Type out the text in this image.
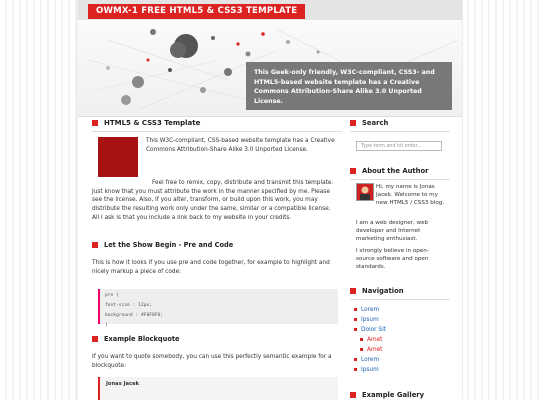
OWMX-1 FREE HTML5 & CSS3 TEMPLATE
This Geek-only friendly, W3C-compliant, CSS3- and HTML5-based website template has a Creative Commons Attribution-Share Alike 3.0 Unported License.
HTML5 & CSS3 Template
This W3C-compliant, CSS-based website template has a Creative Commons Attribution-Share Alike 3.0 Unported License.
Feel free to remix, copy, distribute and transmit this template. Just know that you must attribute the work in the manner specified by me. Please see the license. Also, if you alter, transform, or build upon this work, you may distribute the resulting work only under the same, similar or a compatible license. All I ask is that you include a link back to my website in your credits.
Let the Show Begin - Pre and Code
This is how it looks if you use pre and code together, for example to highlight and nicely markup a piece of code:
pre {
font-size : 12px;
background : #F0F0F0;
}
Example Blockquote
If you want to quote somebody, you can use this perfectly semantic example for a blockquote:
Jonas Jacek
Search
Type term and hit enter...
About the Author
Hi, my name is Jonas Jacek. Welcome to my new HTML5 / CSS3 blog.
I am a web designer, web developer and Internet marketing enthusiast.
I strongly believe in open-source software and open standards.
Navigation
Lorem
Ipsum
Dolor Sit
Amet
Amet
Lorem
Ipsum
Example Gallery
